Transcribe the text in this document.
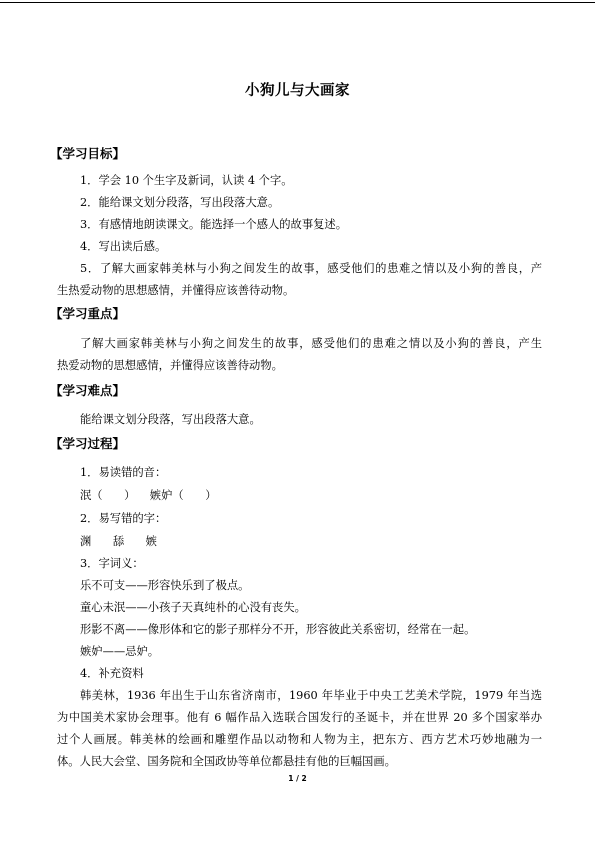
小狗儿与大画家
【学习目标】
1．学会 10 个生字及新词，认读 4 个字。
2．能给课文划分段落，写出段落大意。
3．有感情地朗读课文。能选择一个感人的故事复述。
4．写出读后感。
5．了解大画家韩美林与小狗之间发生的故事，感受他们的患难之情以及小狗的善良，产
生热爱动物的思想感情，并懂得应该善待动物。
【学习重点】
了解大画家韩美林与小狗之间发生的故事，感受他们的患难之情以及小狗的善良，产生
热爱动物的思想感情，并懂得应该善待动物。
【学习难点】
能给课文划分段落，写出段落大意。
【学习过程】
1．易读错的音：
泯（      ）    嫉妒（      ）
2．易写错的字：
渊      舔      嫉
3．字词义：
乐不可支——形容快乐到了极点。
童心未泯——小孩子天真纯朴的心没有丧失。
形影不离——像形体和它的影子那样分不开，形容彼此关系密切，经常在一起。
嫉妒——忌妒。
4．补充资料
韩美林，1936 年出生于山东省济南市，1960 年毕业于中央工艺美术学院，1979 年当选
为中国美术家协会理事。他有 6 幅作品入选联合国发行的圣诞卡，并在世界 20 多个国家举办
过个人画展。韩美林的绘画和雕塑作品以动物和人物为主，把东方、西方艺术巧妙地融为一
体。人民大会堂、国务院和全国政协等单位都悬挂有他的巨幅国画。
1 / 2
